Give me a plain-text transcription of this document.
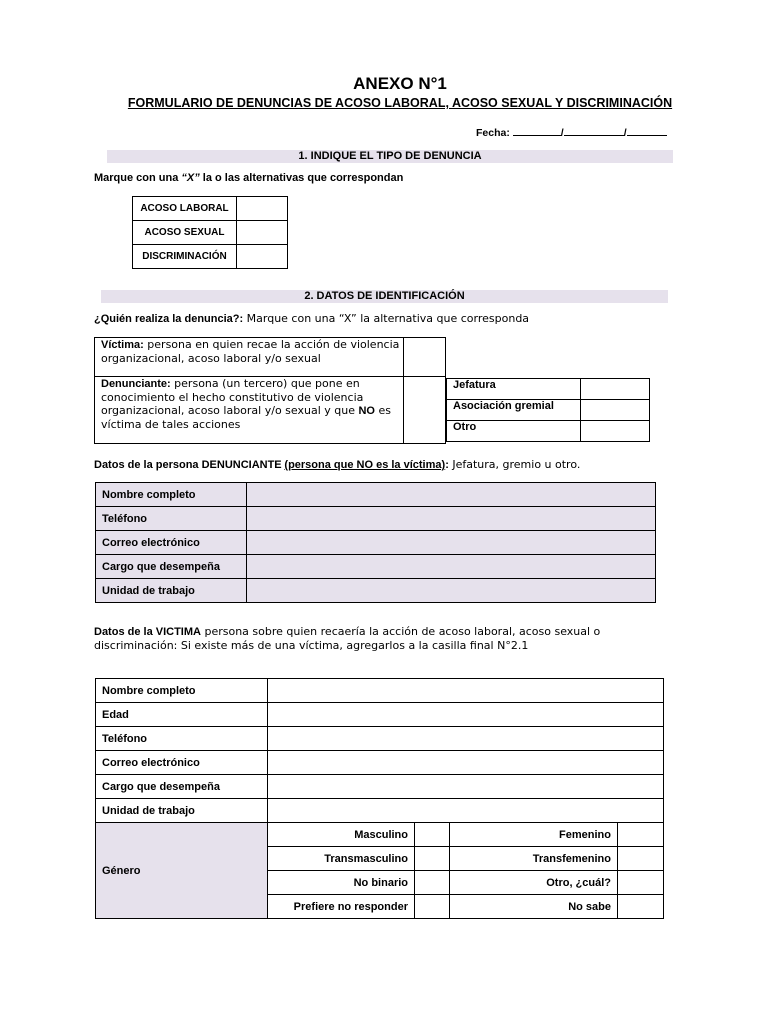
ANEXO N°1
FORMULARIO DE DENUNCIAS DE ACOSO LABORAL, ACOSO SEXUAL Y DISCRIMINACIÓN
Fecha:	/	/
1. INDIQUE EL TIPO DE DENUNCIA
Marque con una “X” la o las alternativas que correspondan
ACOSO LABORAL	
ACOSO SEXUAL	
DISCRIMINACIÓN	
2. DATOS DE IDENTIFICACIÓN
¿Quién realiza la denuncia?: Marque con una “X” la alternativa que corresponda
Víctima: persona en quien recae la acción de violencia organizacional, acoso laboral y/o sexual
Denunciante: persona (un tercero) que pone en conocimiento el hecho constitutivo de violencia organizacional, acoso laboral y/o sexual y que NO es víctima de tales acciones
Jefatura	
Asociación gremial	
Otro	
Datos de la persona DENUNCIANTE (persona que NO es la víctima): Jefatura, gremio u otro.
Nombre completo	
Teléfono	
Correo electrónico	
Cargo que desempeña	
Unidad de trabajo	
Datos de la VICTIMA persona sobre quien recaería la acción de acoso laboral, acoso sexual o discriminación: Si existe más de una víctima, agregarlos a la casilla final N°2.1
Nombre completo				
Edad				
Teléfono				
Correo electrónico				
Cargo que desempeña				
Unidad de trabajo				
Género	Masculino		Femenino	
	Transmasculino		Transfemenino	
	No binario		Otro, ¿cuál?	
	Prefiere no responder		No sabe	
